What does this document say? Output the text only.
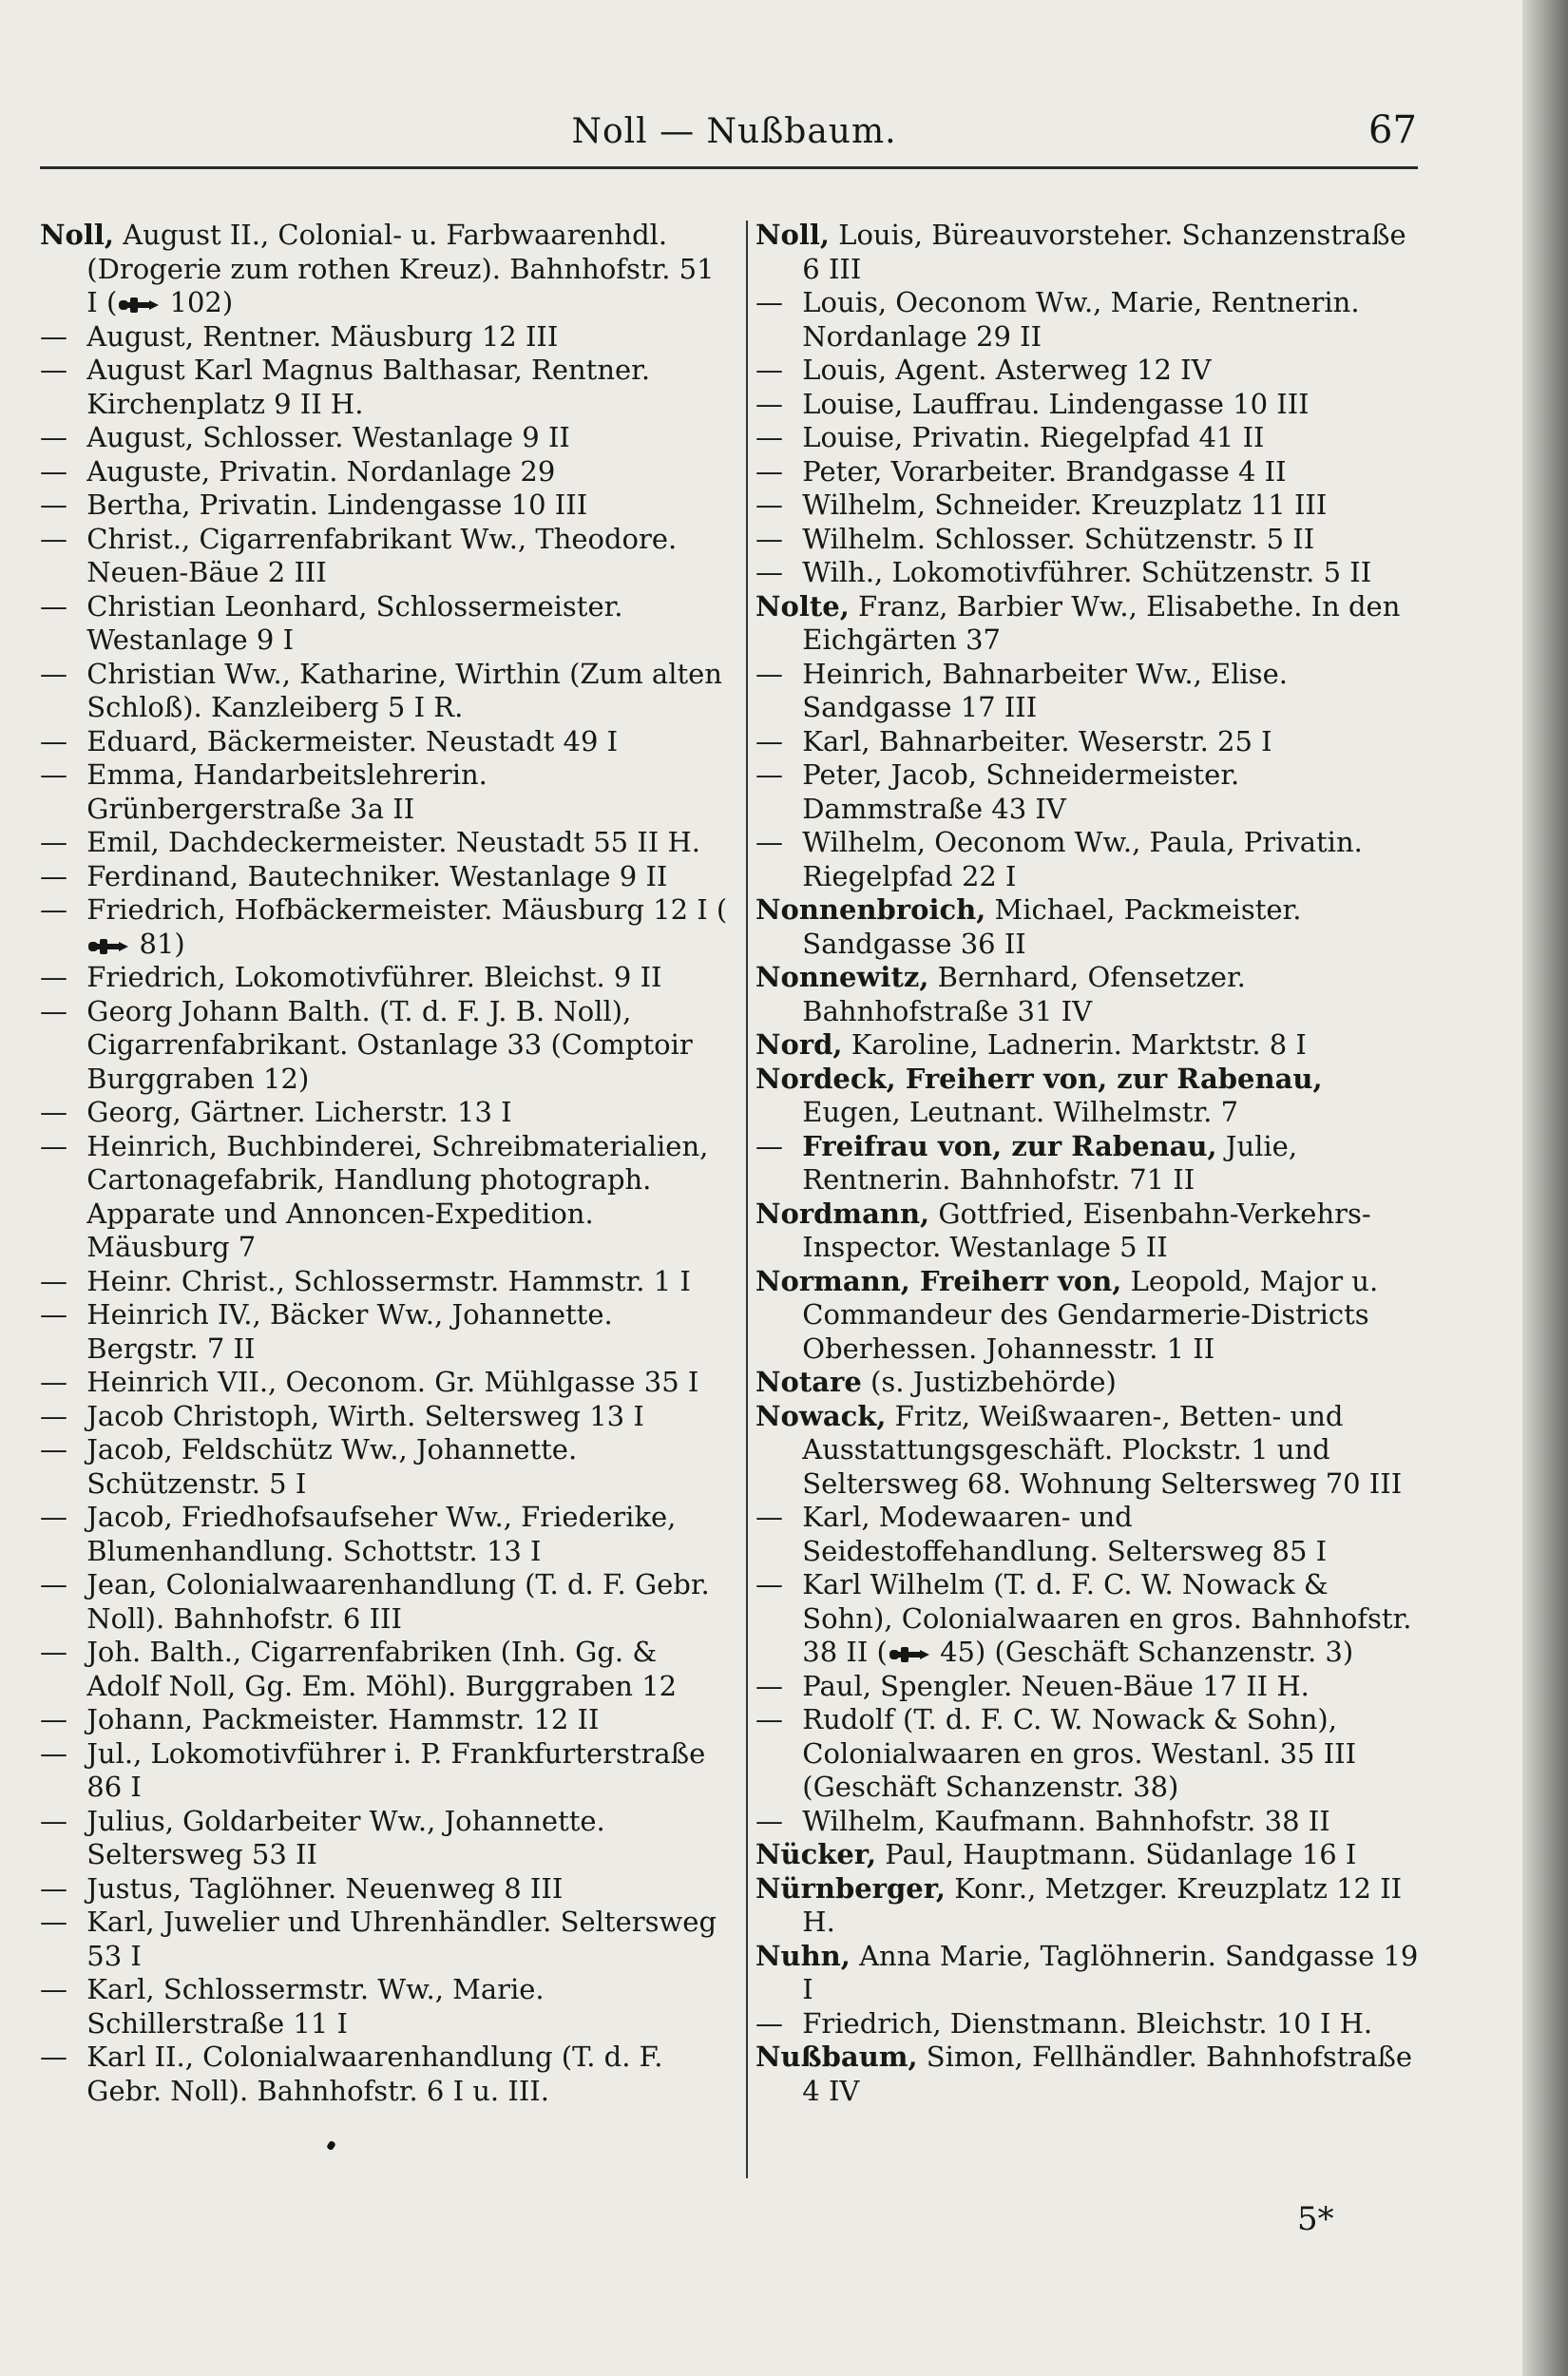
Noll — Nußbaum.	67

Noll, August II., Colonial- u. Farbwaarenhdl. (Drogerie zum rothen Kreuz). Bahnhofstr. 51 I ( 102)

— August, Rentner. Mäusburg 12 III

— August Karl Magnus Balthasar, Rentner. Kirchenplatz 9 II H.

— August, Schlosser. Westanlage 9 II

— Auguste, Privatin. Nordanlage 29

— Bertha, Privatin. Lindengasse 10 III

— Christ., Cigarrenfabrikant Ww., Theodore. Neuen-Bäue 2 III

— Christian Leonhard, Schlossermeister. Westanlage 9 I

— Christian Ww., Katharine, Wirthin (Zum alten Schloß). Kanzleiberg 5 I R.

— Eduard, Bäckermeister. Neustadt 49 I

— Emma, Handarbeitslehrerin. Grünbergerstraße 3a II

— Emil, Dachdeckermeister. Neustadt 55 II H.

— Ferdinand, Bautechniker. Westanlage 9 II

— Friedrich, Hofbäckermeister. Mäusburg 12 I ( 81)

— Friedrich, Lokomotivführer. Bleichst. 9 II

— Georg Johann Balth. (T. d. F. J. B. Noll), Cigarrenfabrikant. Ostanlage 33 (Comptoir Burggraben 12)

— Georg, Gärtner. Licherstr. 13 I

— Heinrich, Buchbinderei, Schreibmaterialien, Cartonagefabrik, Handlung photograph. Apparate und Annoncen-Expedition. Mäusburg 7

— Heinr. Christ., Schlossermstr. Hammstr. 1 I

— Heinrich IV., Bäcker Ww., Johannette. Bergstr. 7 II

— Heinrich VII., Oeconom. Gr. Mühlgasse 35 I

— Jacob Christoph, Wirth. Seltersweg 13 I

— Jacob, Feldschütz Ww., Johannette. Schützenstr. 5 I

— Jacob, Friedhofsaufseher Ww., Friederike, Blumenhandlung. Schottstr. 13 I

— Jean, Colonialwaarenhandlung (T. d. F. Gebr. Noll). Bahnhofstr. 6 III

— Joh. Balth., Cigarrenfabriken (Inh. Gg. & Adolf Noll, Gg. Em. Möhl). Burggraben 12

— Johann, Packmeister. Hammstr. 12 II

— Jul., Lokomotivführer i. P. Frankfurterstraße 86 I

— Julius, Goldarbeiter Ww., Johannette. Seltersweg 53 II

— Justus, Taglöhner. Neuenweg 8 III

— Karl, Juwelier und Uhrenhändler. Seltersweg 53 I

— Karl, Schlossermstr. Ww., Marie. Schillerstraße 11 I

— Karl II., Colonialwaarenhandlung (T. d. F. Gebr. Noll). Bahnhofstr. 6 I u. III.

Noll, Louis, Büreauvorsteher. Schanzenstraße 6 III

— Louis, Oeconom Ww., Marie, Rentnerin. Nordanlage 29 II

— Louis, Agent. Asterweg 12 IV

— Louise, Lauffrau. Lindengasse 10 III

— Louise, Privatin. Riegelpfad 41 II

— Peter, Vorarbeiter. Brandgasse 4 II

— Wilhelm, Schneider. Kreuzplatz 11 III

— Wilhelm. Schlosser. Schützenstr. 5 II

— Wilh., Lokomotivführer. Schützenstr. 5 II

Nolte, Franz, Barbier Ww., Elisabethe. In den Eichgärten 37

— Heinrich, Bahnarbeiter Ww., Elise. Sandgasse 17 III

— Karl, Bahnarbeiter. Weserstr. 25 I

— Peter, Jacob, Schneidermeister. Dammstraße 43 IV

— Wilhelm, Oeconom Ww., Paula, Privatin. Riegelpfad 22 I

Nonnenbroich, Michael, Packmeister. Sandgasse 36 II

Nonnewitz, Bernhard, Ofensetzer. Bahnhofstraße 31 IV

Nord, Karoline, Ladnerin. Marktstr. 8 I

Nordeck, Freiherr von, zur Rabenau, Eugen, Leutnant. Wilhelmstr. 7

— Freifrau von, zur Rabenau, Julie, Rentnerin. Bahnhofstr. 71 II

Nordmann, Gottfried, Eisenbahn-Verkehrs-Inspector. Westanlage 5 II

Normann, Freiherr von, Leopold, Major u. Commandeur des Gendarmerie-Districts Oberhessen. Johannesstr. 1 II

Notare (s. Justizbehörde)

Nowack, Fritz, Weißwaaren-, Betten- und Ausstattungsgeschäft. Plockstr. 1 und Seltersweg 68. Wohnung Seltersweg 70 III

— Karl, Modewaaren- und Seidestoffehandlung. Seltersweg 85 I

— Karl Wilhelm (T. d. F. C. W. Nowack & Sohn), Colonialwaaren en gros. Bahnhofstr. 38 II ( 45) (Geschäft Schanzenstr. 3)

— Paul, Spengler. Neuen-Bäue 17 II H.

— Rudolf (T. d. F. C. W. Nowack & Sohn), Colonialwaaren en gros. Westanl. 35 III (Geschäft Schanzenstr. 38)

— Wilhelm, Kaufmann. Bahnhofstr. 38 II

Nücker, Paul, Hauptmann. Südanlage 16 I

Nürnberger, Konr., Metzger. Kreuzplatz 12 II H.

Nuhn, Anna Marie, Taglöhnerin. Sandgasse 19 I

— Friedrich, Dienstmann. Bleichstr. 10 I H.

Nußbaum, Simon, Fellhändler. Bahnhofstraße 4 IV

5*
